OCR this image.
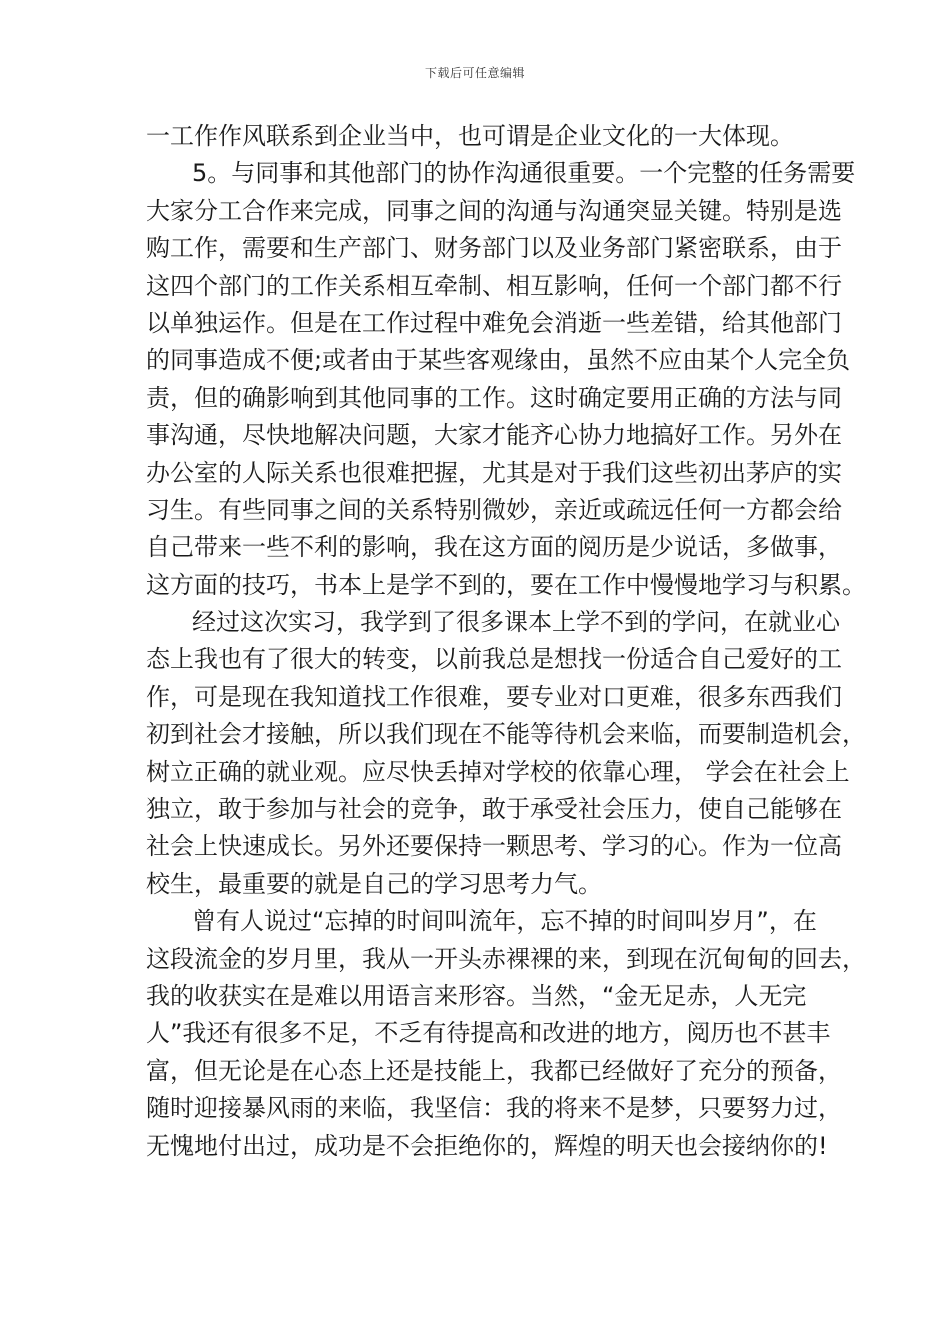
下载后可任意编辑
一工作作风联系到企业当中，也可谓是企业文化的一大体现。
5。与同事和其他部门的协作沟通很重要。一个完整的任务需要
大家分工合作来完成，同事之间的沟通与沟通突显关键。特别是选
购工作，需要和生产部门、财务部门以及业务部门紧密联系，由于
这四个部门的工作关系相互牵制、相互影响，任何一个部门都不行
以单独运作。但是在工作过程中难免会消逝一些差错，给其他部门
的同事造成不便;或者由于某些客观缘由，虽然不应由某个人完全负
责，但的确影响到其他同事的工作。这时确定要用正确的方法与同
事沟通，尽快地解决问题，大家才能齐心协力地搞好工作。另外在
办公室的人际关系也很难把握，尤其是对于我们这些初出茅庐的实
习生。有些同事之间的关系特别微妙，亲近或疏远任何一方都会给
自己带来一些不利的影响，我在这方面的阅历是少说话，多做事，
这方面的技巧，书本上是学不到的，要在工作中慢慢地学习与积累。
经过这次实习，我学到了很多课本上学不到的学问，在就业心
态上我也有了很大的转变，以前我总是想找一份适合自己爱好的工
作，可是现在我知道找工作很难，要专业对口更难，很多东西我们
初到社会才接触，所以我们现在不能等待机会来临，而要制造机会，
树立正确的就业观。应尽快丢掉对学校的依靠心理， 学会在社会上
独立，敢于参加与社会的竞争，敢于承受社会压力，使自己能够在
社会上快速成长。另外还要保持一颗思考、学习的心。作为一位高
校生，最重要的就是自己的学习思考力气。
曾有人说过“忘掉的时间叫流年，忘不掉的时间叫岁月”，在
这段流金的岁月里，我从一开头赤裸裸的来，到现在沉甸甸的回去，
我的收获实在是难以用语言来形容。当然，“金无足赤，人无完
人”我还有很多不足，不乏有待提高和改进的地方，阅历也不甚丰
富，但无论是在心态上还是技能上，我都已经做好了充分的预备，
随时迎接暴风雨的来临，我坚信：我的将来不是梦，只要努力过，
无愧地付出过，成功是不会拒绝你的，辉煌的明天也会接纳你的!
